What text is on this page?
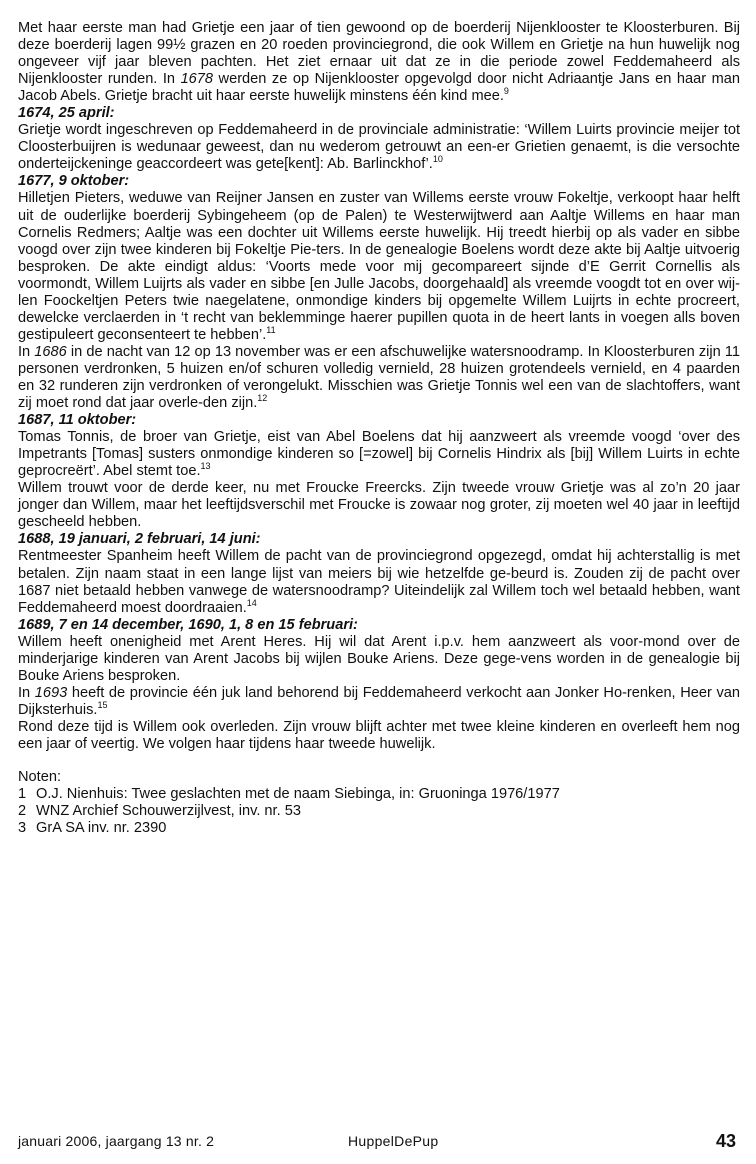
Met haar eerste man had Grietje een jaar of tien gewoond op de boerderij Nijenklooster te Kloosterburen. Bij deze boerderij lagen 99½ grazen en 20 roeden provinciegrond, die ook Willem en Grietje na hun huwelijk nog ongeveer vijf jaar bleven pachten. Het ziet ernaar uit dat ze in die periode zowel Feddemaheerd als Nijenklooster runden. In 1678 werden ze op Nijenklooster opgevolgd door nicht Adriaantje Jans en haar man Jacob Abels. Grietje bracht uit haar eerste huwelijk minstens één kind mee.$^9$

1674, 25 april:

Grietje wordt ingeschreven op Feddemaheerd in de provinciale administratie: ‘Willem Luirts provincie meijer tot Cloosterbuijren is wedunaar geweest, dan nu wederom getrouwt an een-er Grietien genaemt, is die versochte onderteijckeninge geaccordeert was gete[kent]: Ab. Barlinckhof’.$^{10}$

1677, 9 oktober:

Hilletjen Pieters, weduwe van Reijner Jansen en zuster van Willems eerste vrouw Fokeltje, verkoopt haar helft uit de ouderlijke boerderij Sybingeheem (op de Palen) te Westerwijtwerd aan Aaltje Willems en haar man Cornelis Redmers; Aaltje was een dochter uit Willems eerste huwelijk. Hij treedt hierbij op als vader en sibbe voogd over zijn twee kinderen bij Fokeltje Pie-ters. In de genealogie Boelens wordt deze akte bij Aaltje uitvoerig besproken. De akte eindigt aldus: ‘Voorts mede voor mij gecompareert sijnde d’E Gerrit Cornellis als voormondt, Willem Luijrts als vader en sibbe [en Julle Jacobs, doorgehaald] als vreemde voogdt tot en over wij-len Foockeltjen Peters twie naegelatene, onmondige kinders bij opgemelte Willem Luijrts in echte procreert, dewelcke verclaerden in ‘t recht van beklemminge haerer pupillen quota in de heert lants in voegen alls boven gestipuleert geconsenteert te hebben’.$^{11}$

In 1686 in de nacht van 12 op 13 november was er een afschuwelijke watersnoodramp. In Kloosterburen zijn 11 personen verdronken, 5 huizen en/of schuren volledig vernield, 28 huizen grotendeels vernield, en 4 paarden en 32 runderen zijn verdronken of verongelukt. Misschien was Grietje Tonnis wel een van de slachtoffers, want zij moet rond dat jaar overle-den zijn.$^{12}$

1687, 11 oktober:

Tomas Tonnis, de broer van Grietje, eist van Abel Boelens dat hij aanzweert als vreemde voogd ‘over des Impetrants [Tomas] susters onmondige kinderen so [=zowel] bij Cornelis Hindrix als [bij] Willem Luirts in echte geprocreërt’. Abel stemt toe.$^{13}$

Willem trouwt voor de derde keer, nu met Froucke Freercks. Zijn tweede vrouw Grietje was al zo’n 20 jaar jonger dan Willem, maar het leeftijdsverschil met Froucke is zowaar nog groter, zij moeten wel 40 jaar in leeftijd gescheeld hebben.

1688, 19 januari, 2 februari, 14 juni:

Rentmeester Spanheim heeft Willem de pacht van de provinciegrond opgezegd, omdat hij achterstallig is met betalen. Zijn naam staat in een lange lijst van meiers bij wie hetzelfde ge-beurd is. Zouden zij de pacht over 1687 niet betaald hebben vanwege de watersnoodramp? Uiteindelijk zal Willem toch wel betaald hebben, want Feddemaheerd moest doordraaien.$^{14}$

1689, 7 en 14 december, 1690, 1, 8 en 15 februari:

Willem heeft onenigheid met Arent Heres. Hij wil dat Arent i.p.v. hem aanzweert als voor-mond over de minderjarige kinderen van Arent Jacobs bij wijlen Bouke Ariens. Deze gege-vens worden in de genealogie bij Bouke Ariens besproken.

In 1693 heeft de provincie één juk land behorend bij Feddemaheerd verkocht aan Jonker Ho-renken, Heer van Dijksterhuis.$^{15}$

Rond deze tijd is Willem ook overleden. Zijn vrouw blijft achter met twee kleine kinderen en overleeft hem nog een jaar of veertig. We volgen haar tijdens haar tweede huwelijk.

Noten:

1 O.J. Nienhuis: Twee geslachten met de naam Siebinga, in: Gruoninga 1976/1977

2 WNZ Archief Schouwerzijlvest, inv. nr. 53

3 GrA SA inv. nr. 2390

januari 2006, jaargang 13 nr. 2	HuppelDePup	43
